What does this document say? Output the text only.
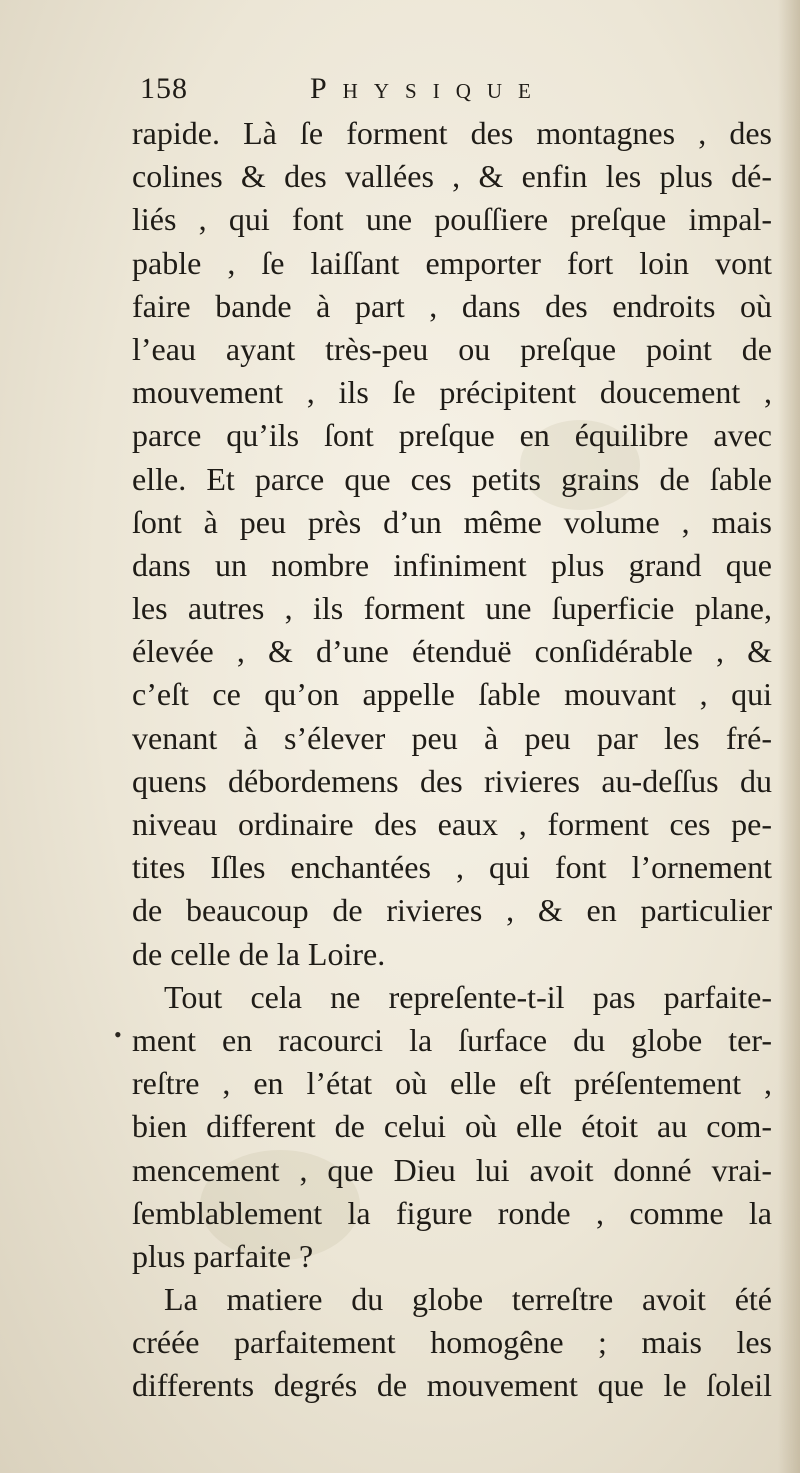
158	Physique
rapide. Là ſe forment des montagnes , des
colines & des vallées , & enfin les plus dé-
liés , qui font une pouſſiere preſque impal-
pable , ſe laiſſant emporter fort loin vont
faire bande à part , dans des endroits où
l’eau ayant très-peu ou preſque point de
mouvement , ils ſe précipitent doucement ,
parce qu’ils ſont preſque en équilibre avec
elle. Et parce que ces petits grains de ſable
ſont à peu près d’un même volume , mais
dans un nombre infiniment plus grand que
les autres , ils forment une ſuperficie plane,
élevée , & d’une étenduë conſidérable , &
c’eſt ce qu’on appelle ſable mouvant , qui
venant à s’élever peu à peu par les fré-
quens débordemens des rivieres au-deſſus du
niveau ordinaire des eaux , forment ces pe-
tites Iſles enchantées , qui font l’ornement
de beaucoup de rivieres , & en particulier
de celle de la Loire.
Tout cela ne repreſente-t-il pas parfaite-
ment en racourci la ſurface du globe ter-
reſtre , en l’état où elle eſt préſentement ,
bien different de celui où elle étoit au com-
mencement , que Dieu lui avoit donné vrai-
ſemblablement la figure ronde , comme la
plus parfaite ?
La matiere du globe terreſtre avoit été
créée parfaitement homogêne ; mais les
differents degrés de mouvement que le ſoleil
•
